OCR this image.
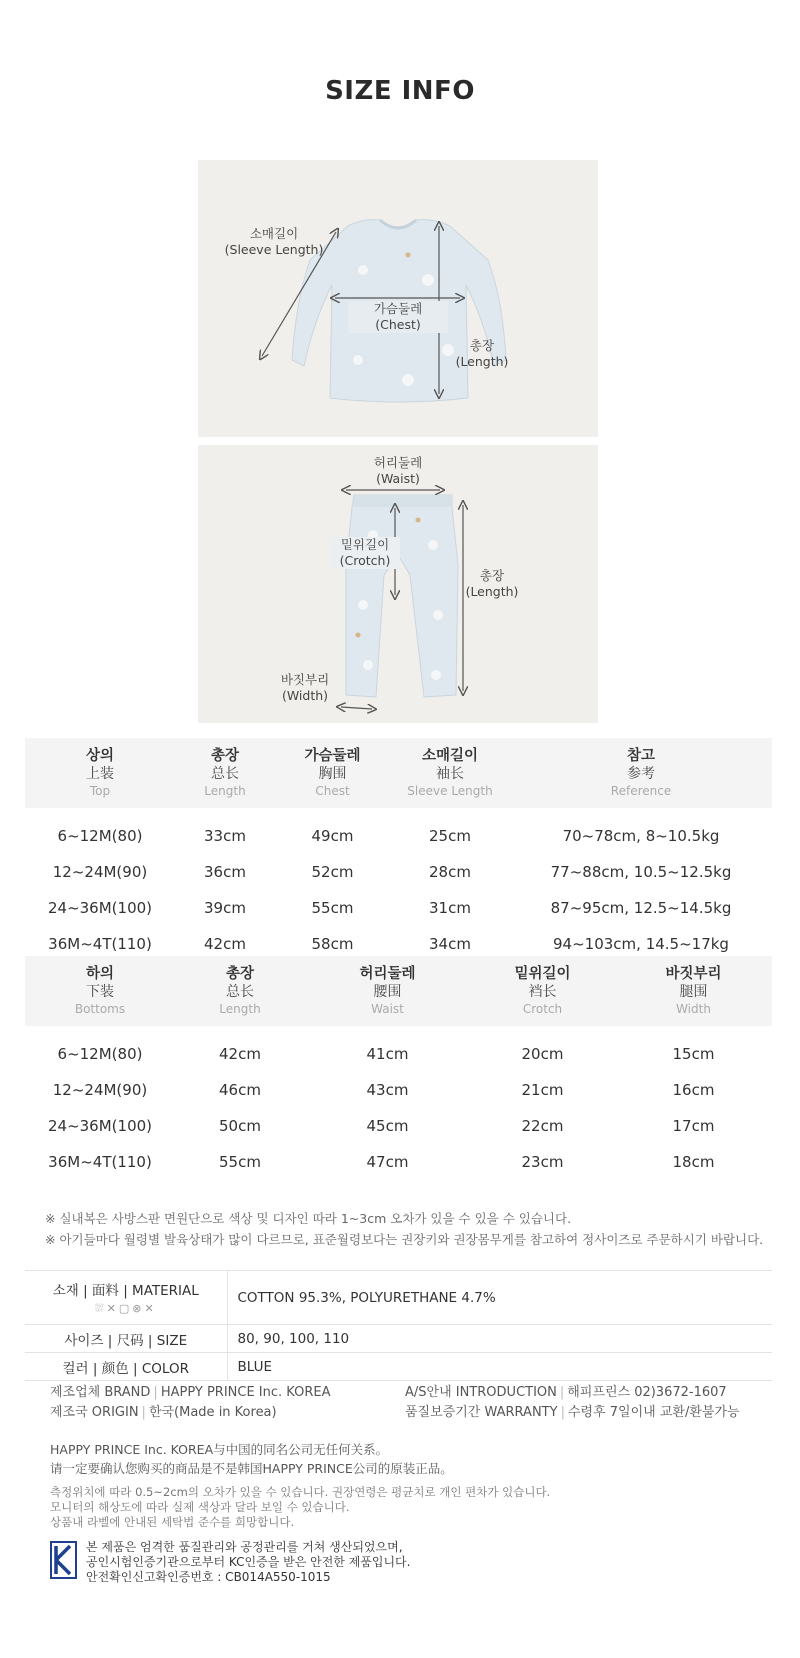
SIZE INFO
소매길이
(Sleeve Length)
가슴둘레
(Chest)
총장
(Length)
허리둘레
(Waist)
밑위길이
(Crotch)
총장
(Length)
바짓부리
(Width)
상의
上装
Top	총장
总长
Length	가슴둘레
胸围
Chest	소매길이
袖长
Sleeve Length	참고
参考
Reference

6~12M(80)	33cm	49cm	25cm	70~78cm, 8~10.5kg
12~24M(90)	36cm	52cm	28cm	77~88cm, 10.5~12.5kg
24~36M(100)	39cm	55cm	31cm	87~95cm, 12.5~14.5kg
36M~4T(110)	42cm	58cm	34cm	94~103cm, 14.5~17kg
하의
下装
Bottoms	총장
总长
Length	허리둘레
腰围
Waist	밑위길이
裆长
Crotch	바짓부리
腿围
Width

6~12M(80)	42cm	41cm	20cm	15cm
12~24M(90)	46cm	43cm	21cm	16cm
24~36M(100)	50cm	45cm	22cm	17cm
36M~4T(110)	55cm	47cm	23cm	18cm
※ 실내복은 사방스판 면원단으로 색상 및 디자인 따라 1~3cm 오차가 있을 수 있을 수 있습니다.
※ 아기들마다 월령별 발육상태가 많이 다르므로, 표준월령보다는 권장키와 권장몸무게를 참고하여 정사이즈로 주문하시기 바랍니다.
소재 | 面料 | MATERIAL
⛆✕▢⊗✕	COTTON 95.3%, POLYURETHANE 4.7%
사이즈 | 尺码 | SIZE	80, 90, 100, 110
컬러 | 颜色 | COLOR	BLUE
제조업체 BRAND | HAPPY PRINCE Inc. KOREA
제조국 ORIGIN | 한국(Made in Korea)
A/S안내 INTRODUCTION | 해피프린스 02)3672-1607
품질보증기간 WARRANTY | 수령후 7일이내 교환/환불가능
HAPPY PRINCE Inc. KOREA与中国的同名公司无任何关系。
请一定要确认您购买的商品是不是韩国HAPPY PRINCE公司的原装正品。
측정위치에 따라 0.5~2cm의 오차가 있을 수 있습니다. 권장연령은 평균치로 개인 편차가 있습니다.
모니터의 해상도에 따라 실제 색상과 달라 보일 수 있습니다.
상품내 라벨에 안내된 세탁법 준수를 희망합니다.
본 제품은 엄격한 품질관리와 공정관리를 거쳐 생산되었으며,
공인시험인증기관으로부터 KC인증을 받은 안전한 제품입니다.
안전확인신고확인증번호 : CB014A550-1015
